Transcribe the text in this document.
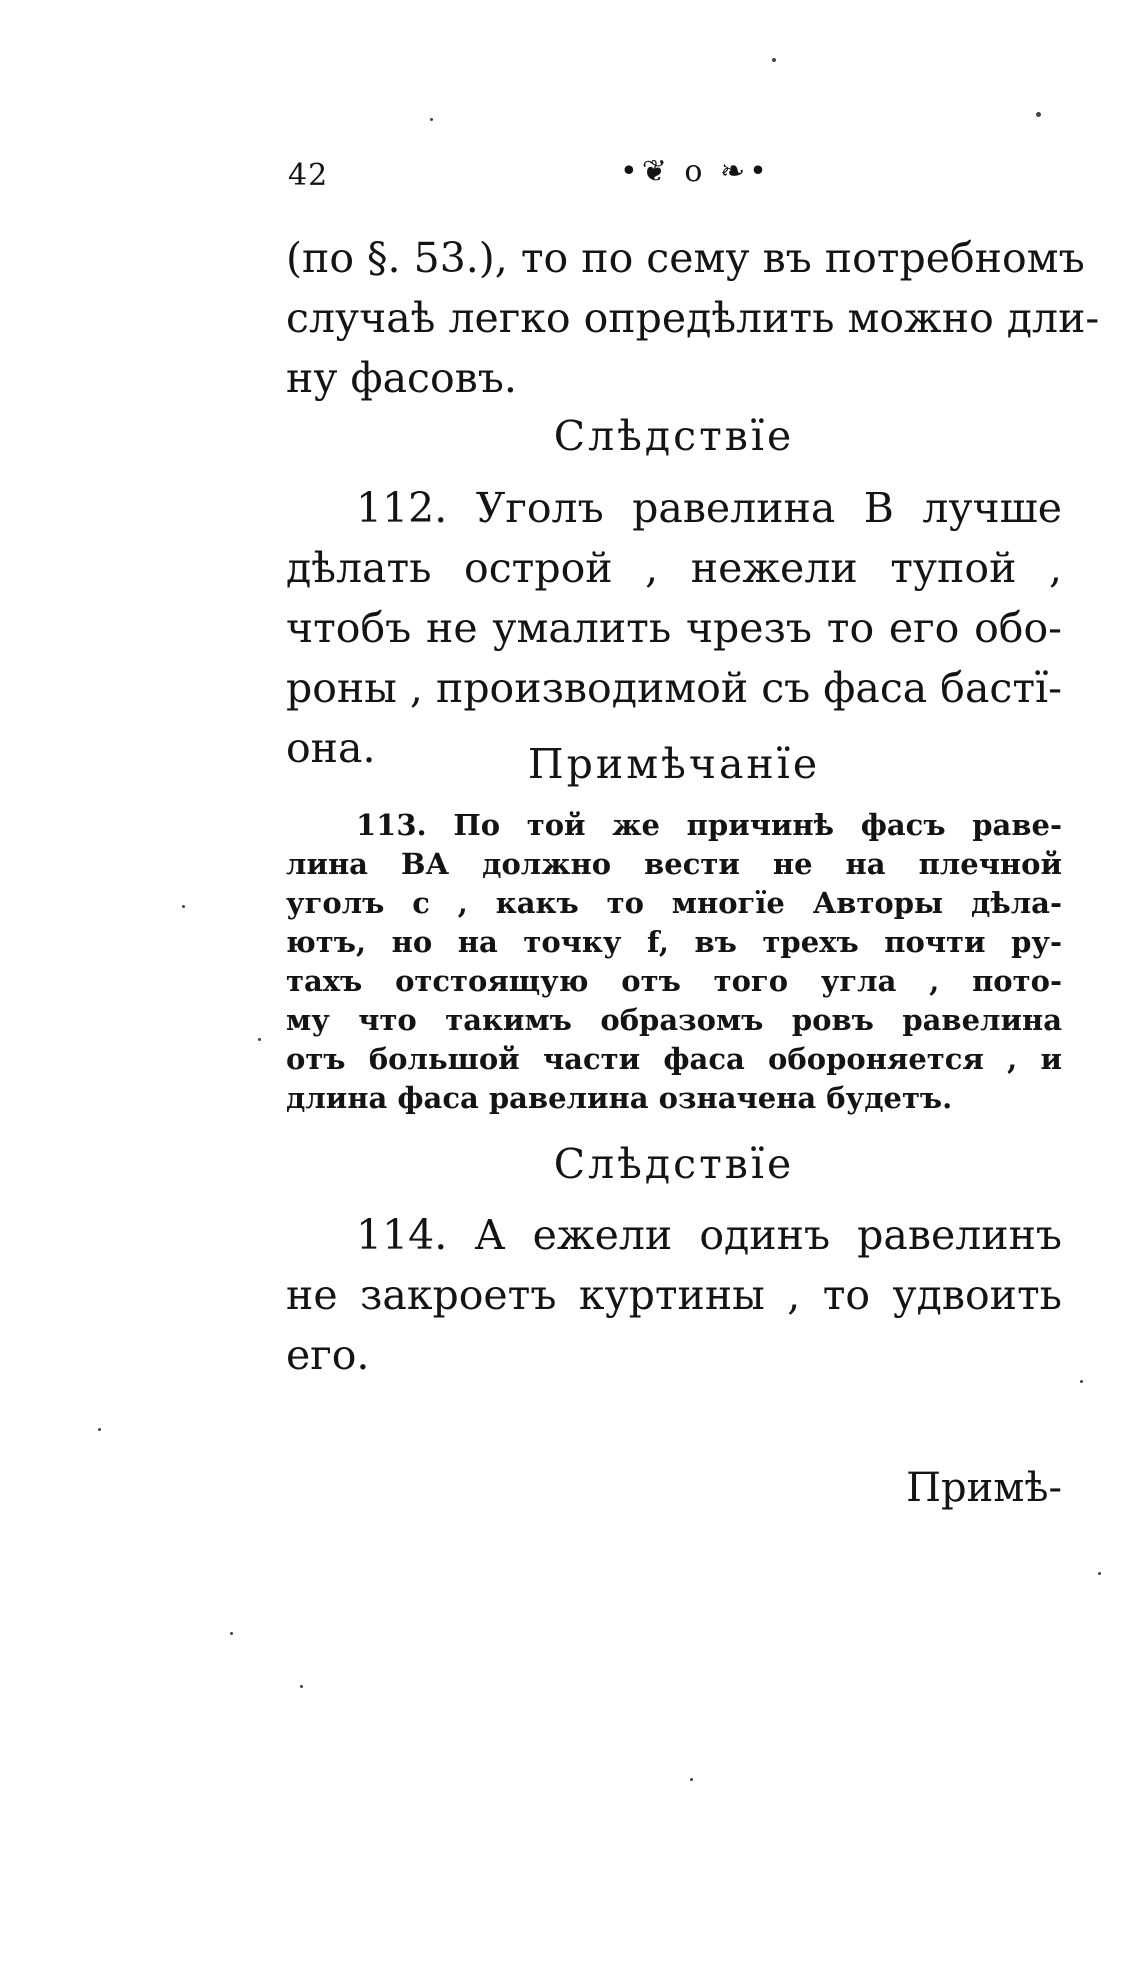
42	•❦ o ❧•

(по §. 53.), то по сему въ потребномъ
случаѣ легко опредѣлить можно дли-
ну фасовъ.

Слѣдствїе

112. Уголъ равелина В лучше
дѣлать острой , нежели тупой ,
чтобъ не умалить чрезъ то его обо-
роны , производимой съ фаса бастї-
она.	Примѣчанїе

113. По той же причинѣ фасъ раве-
лина ВА должно вести не на плечной
уголъ с , какъ то многїе Авторы дѣла-
ютъ, но на точку f, въ трехъ почти ру-
тахъ отстоящую отъ того угла , пото-
му что такимъ образомъ ровъ равелина
отъ большой части фаса обороняется , и
длина фаса равелина означена будетъ.

Слѣдствїе

114. А ежели одинъ равелинъ
не закроетъ куртины , то удвоить
его.

Примѣ-
